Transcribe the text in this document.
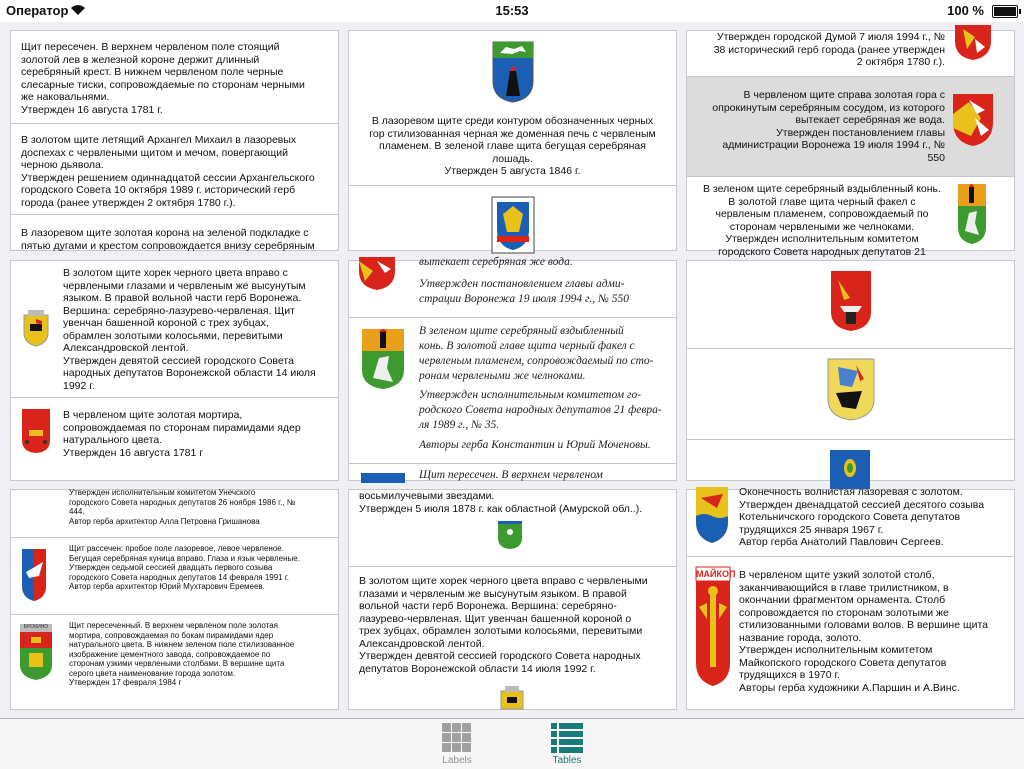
Оператор	15:53	100 %
Щит пересечен. В верхнем червленом поле стоящий
золотой лев в железной короне держит длинный
серебряный крест. В нижнем червленом поле черные
слесарные тиски, сопровождаемые по сторонам черными
же наковальнями.
Утвержден 16 августа 1781 г.
В золотом щите летящий Архангел Михаил в лазоревых
доспехах с червлеными щитом и мечом, повергающий
черною дьявола.
Утвержден решением одиннадцатой сессии Архангельского
городского Совета 10 октября 1989 г. исторический герб
города (ранее утвержден 2 октября 1780 г.).
В лазоревом щите золотая корона на зеленой подкладке с
пятью дугами и крестом сопровождается внизу серебряным
В лазоревом щите среди контуром обозначенных черных
гор стилизованная черная же доменная печь с червленым
пламенем. В зеленой главе щита бегущая серебряная
лошадь.
Утвержден 5 августа 1846 г.
Утвержден городской Думой 7 июля 1994 г., №
38 исторический герб города (ранее утвержден
2 октября 1780 г.).
В червленом щите справа золотая гора с
опрокинутым серебряным сосудом, из которого
вытекает серебряная же вода.
Утвержден постановлением главы
администрации Воронежа 19 июля 1994 г., №
550
В зеленом щите серебряный вздыбленный конь.
В золотой главе щита черный факел с
червленым пламенем, сопровождаемый по
сторонам червлеными же челноками.
Утвержден исполнительным комитетом
городского Совета народных депутатов 21
В золотом щите хорек черного цвета вправо с
червлеными глазами и червленым же высунутым
языком. В правой вольной части герб Воронежа.
Вершина: серебряно-лазурево-червленая. Щит
увенчан башенной короной с трех зубцах,
обрамлен золотыми колосьями, перевитыми
Александровской лентой.
Утвержден девятой сессией городского Совета
народных депутатов Воронежской области 14 июля
1992 г.
В червленом щите золотая мортира,
сопровождаемая по сторонам пирамидами ядер
натурального цвета.
Утвержден 16 августа 1781 г
вытекает серебряная же вода.
Утвержден постановлением главы адми-
страции Воронежа 19 июля 1994 г., № 550
В зеленом щите серебряный вздыбленный
конь. В золотой главе щита черный факел с
червленым пламенем, сопровождаемый по сто-
ронам червлеными же челноками.
Утвержден исполнительным комитетом го-
родского Совета народных депутатов 21 февра-
ля 1989 г., № 35.
Авторы герба Константин и Юрий Мочeновы.
Щит пересечен. В верхнем червленом
Утвержден исполнительным комитетом Унечского
городского Совета народных депутатов 26 ноября 1986 г., №
444.
Автор герба архитектор Алла Петровна Гришанова
Щит рассечен: пробое поле лазоревое, левое червленое.
Бегущая серебряная куница вправо. Глаза и язык червленые.
Утвержден седьмой сессией двадцать первого созыва
городского Совета народных депутатов 14 февраля 1991 г.
Автор герба архитектор Юрий Мухтарович Еремеев.
БРОКИНО	Щит пересеченный. В верхнем червленом поле золотая
мортира, сопровождаемая по бокам пирамидами ядер
натурального цвета. В нижнем зеленом поле стилизованное
изображение цементного завода, сопровождаемое по
сторонам узкими червлеными столбами. В вершине щита
серого цвета наименование города золотом.
Утвержден 17 февраля 1984 г
восьмилучевыми звездами.
Утвержден 5 июля 1878 г. как областной (Амурской обл..).
В золотом щите хорек черного цвета вправо с червлеными
глазами и червленым же высунутым языком. В правой
вольной части герб Воронежа. Вершина: серебряно-
лазурево-червленая. Щит увенчан башенной короной о
трех зубцах, обрамлен золотыми колосьями, перевитыми
Александровской лентой.
Утвержден девятой сессией городского Совета народных
депутатов Воронежской области 14 июля 1992 г.
Оконечность волнистая лазоревая с золотом.
Утвержден двенадцатой сессией десятого созыва
Котельничского городского Совета депутатов
трудящихся 25 января 1967 г.
Автор герба Анатолий Павлович Сергеев.
МАЙКОП В червленом щите узкий золотой столб,
заканчивающийся в главе трилистником, в
окончании фрагментом орнамента. Столб
сопровождается по сторонам золотыми же
стилизованными головами волов. В вершине щита
название города, золото.
Утвержден исполнительным комитетом
Майкопского городского Совета депутатов
трудящихся в 1970 г.
Авторы герба художники А.Паршин и А.Винс.
Labels	Tables
